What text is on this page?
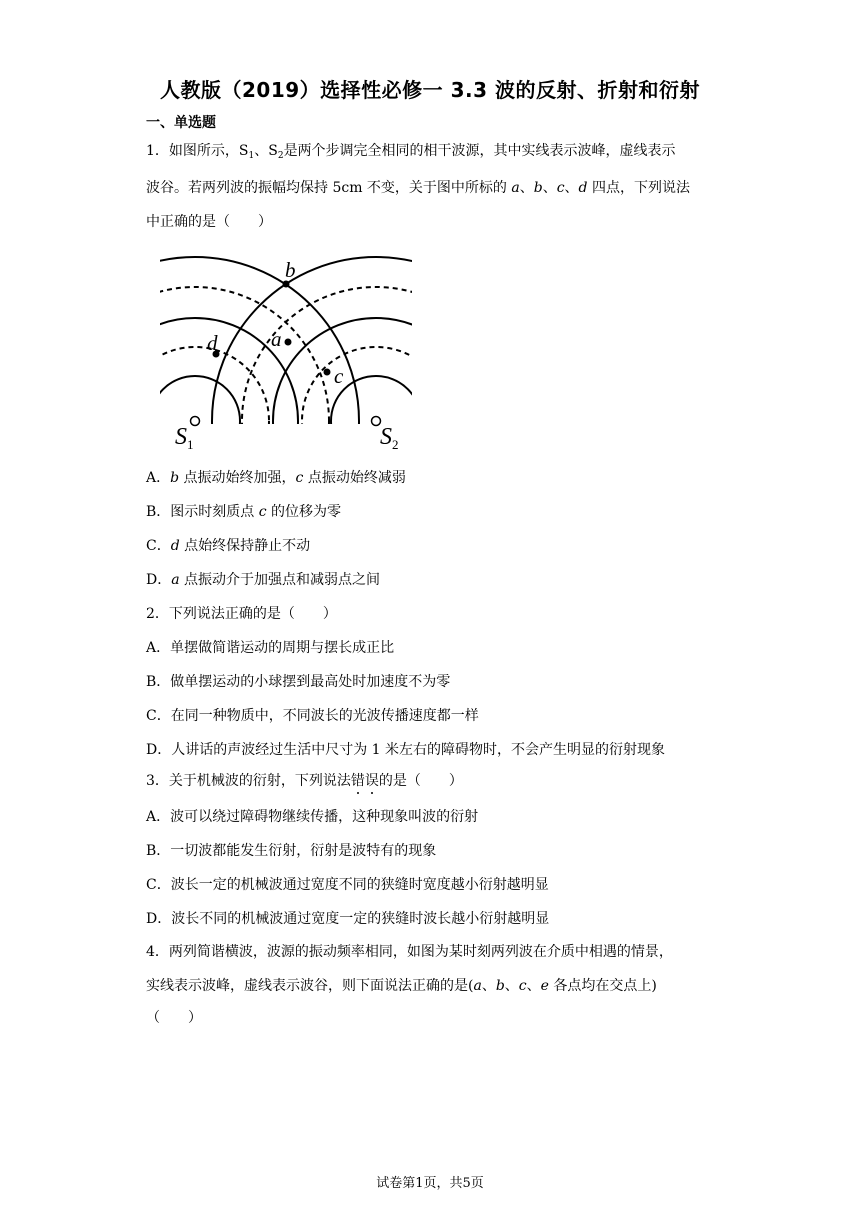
人教版（2019）选择性必修一 3.3 波的反射、折射和衍射
一、单选题
1．如图所示，$S_1$、$S_2$是两个步调完全相同的相干波源，其中实线表示波峰，虚线表示
波谷。若两列波的振幅均保持 5cm 不变，关于图中所标的 a、b、c、d 四点，下列说法
中正确的是（　　）
b
a
d
c
$S_1$	$S_2$
A．b 点振动始终加强，c 点振动始终减弱
B．图示时刻质点 c 的位移为零
C．d 点始终保持静止不动
D．a 点振动介于加强点和减弱点之间
2．下列说法正确的是（　　）
A．单摆做简谐运动的周期与摆长成正比
B．做单摆运动的小球摆到最高处时加速度不为零
C．在同一种物质中，不同波长的光波传播速度都一样
D．人讲话的声波经过生活中尺寸为 1 米左右的障碍物时，不会产生明显的衍射现象
3．关于机械波的衍射，下列说法错误的是（　　）
A．波可以绕过障碍物继续传播，这种现象叫波的衍射
B．一切波都能发生衍射，衍射是波特有的现象
C．波长一定的机械波通过宽度不同的狭缝时宽度越小衍射越明显
D．波长不同的机械波通过宽度一定的狭缝时波长越小衍射越明显
4．两列简谐横波，波源的振动频率相同，如图为某时刻两列波在介质中相遇的情景，
实线表示波峰，虚线表示波谷，则下面说法正确的是(a、b、c、e 各点均在交点上)
（　　）
试卷第1页，共5页
